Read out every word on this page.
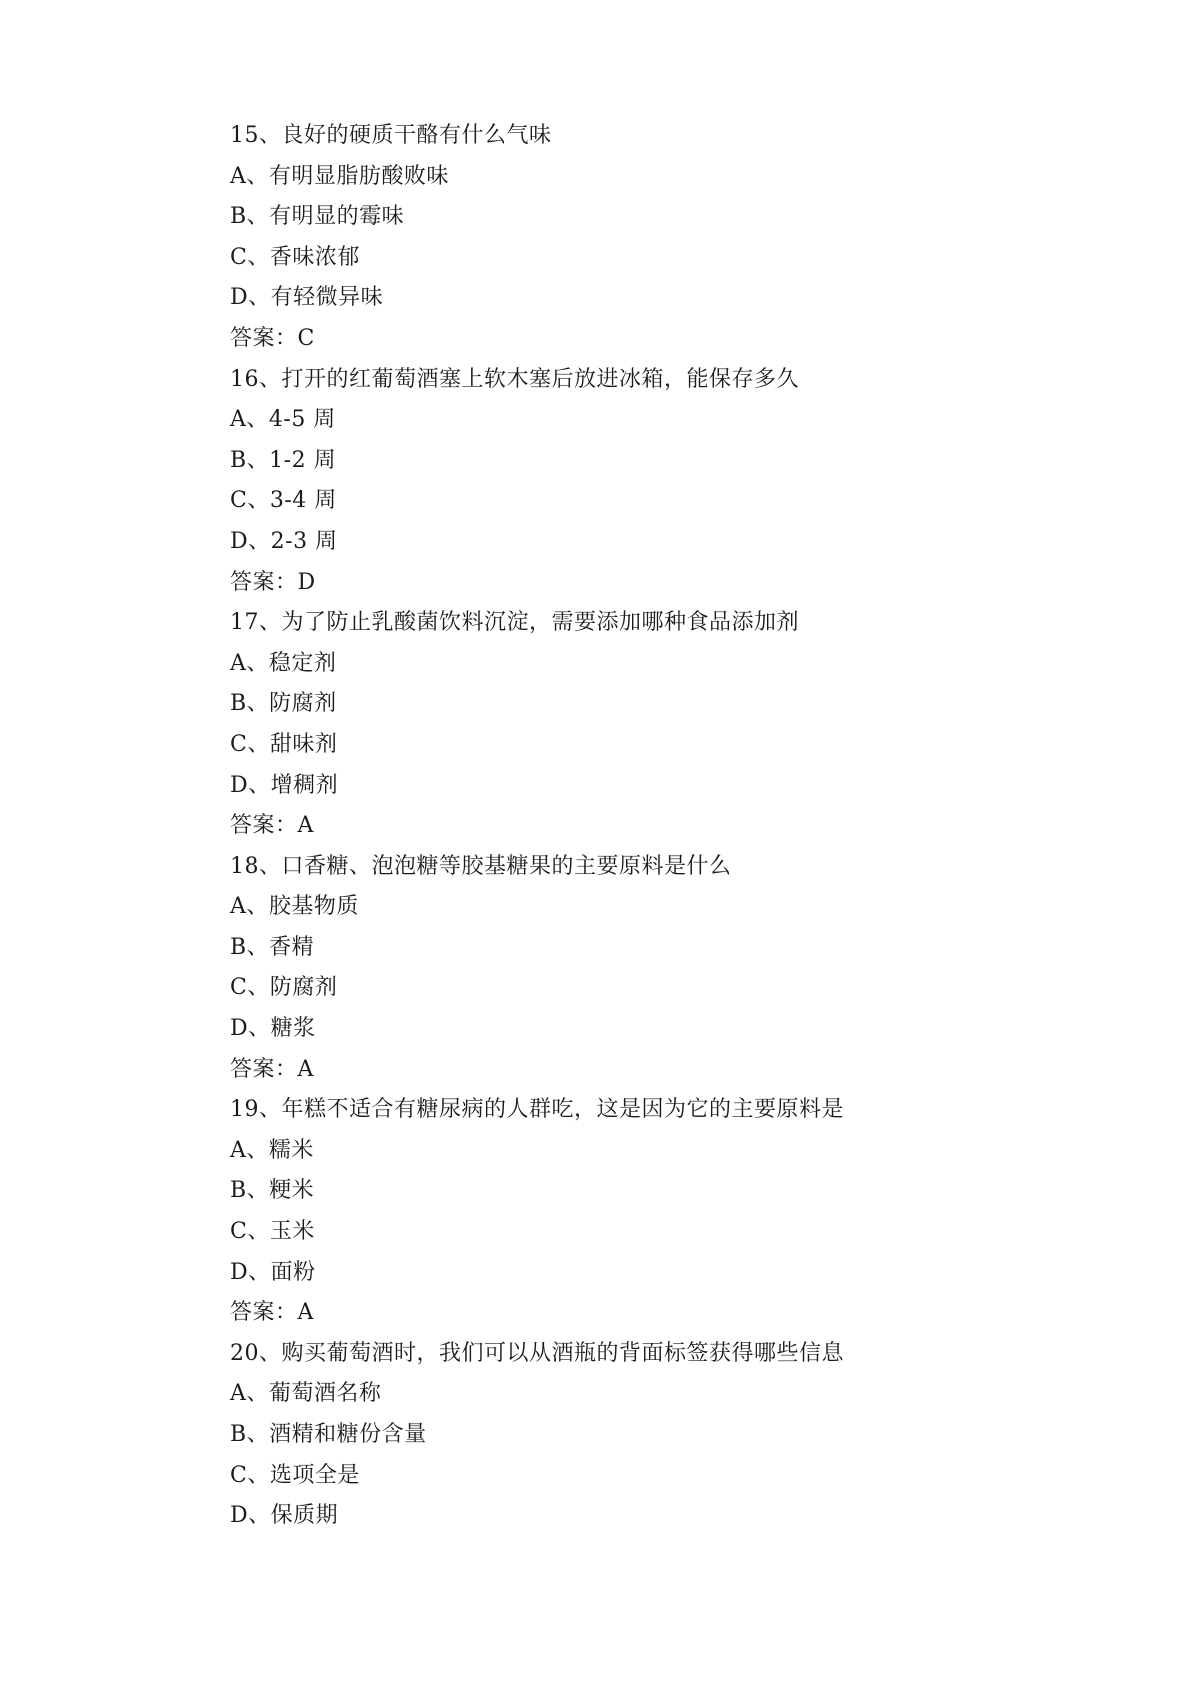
15、良好的硬质干酪有什么气味
A、有明显脂肪酸败味
B、有明显的霉味
C、香味浓郁
D、有轻微异味
答案：C
16、打开的红葡萄酒塞上软木塞后放进冰箱，能保存多久
A、4-5 周
B、1-2 周
C、3-4 周
D、2-3 周
答案：D
17、为了防止乳酸菌饮料沉淀，需要添加哪种食品添加剂
A、稳定剂
B、防腐剂
C、甜味剂
D、增稠剂
答案：A
18、口香糖、泡泡糖等胶基糖果的主要原料是什么
A、胶基物质
B、香精
C、防腐剂
D、糖浆
答案：A
19、年糕不适合有糖尿病的人群吃，这是因为它的主要原料是
A、糯米
B、粳米
C、玉米
D、面粉
答案：A
20、购买葡萄酒时，我们可以从酒瓶的背面标签获得哪些信息
A、葡萄酒名称
B、酒精和糖份含量
C、选项全是
D、保质期
